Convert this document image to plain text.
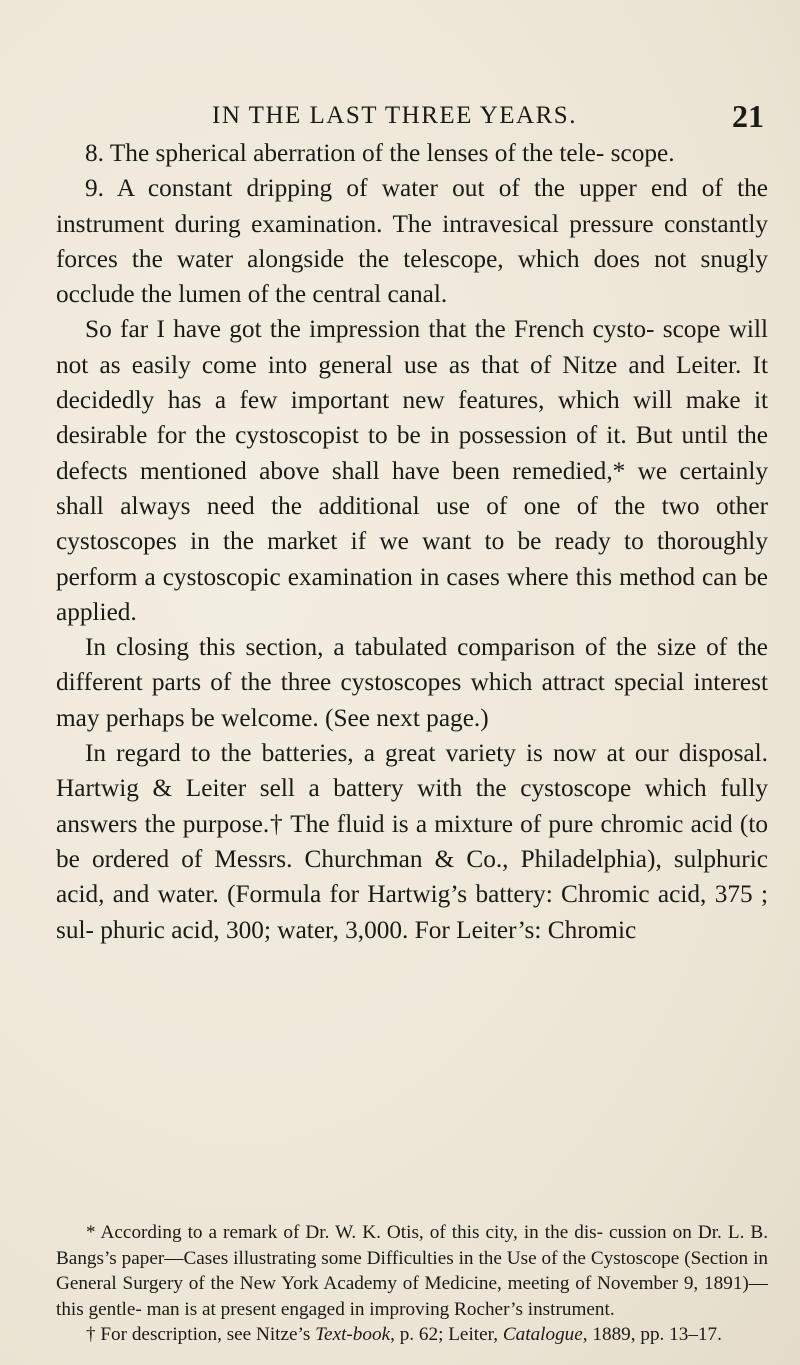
IN THE LAST THREE YEARS.	21

8. The spherical aberration of the lenses of the tele- scope.

9. A constant dripping of water out of the upper end of the instrument during examination. The intravesical pressure constantly forces the water alongside the telescope, which does not snugly occlude the lumen of the central canal.

So far I have got the impression that the French cysto- scope will not as easily come into general use as that of Nitze and Leiter. It decidedly has a few important new features, which will make it desirable for the cystoscopist to be in possession of it. But until the defects mentioned above shall have been remedied,* we certainly shall always need the additional use of one of the two other cystoscopes in the market if we want to be ready to thoroughly perform a cystoscopic examination in cases where this method can be applied.

In closing this section, a tabulated comparison of the size of the different parts of the three cystoscopes which attract special interest may perhaps be welcome. (See next page.)

In regard to the batteries, a great variety is now at our disposal. Hartwig & Leiter sell a battery with the cystoscope which fully answers the purpose.† The fluid is a mixture of pure chromic acid (to be ordered of Messrs. Churchman & Co., Philadelphia), sulphuric acid, and water. (Formula for Hartwig’s battery: Chromic acid, 375 ; sul- phuric acid, 300; water, 3,000. For Leiter’s: Chromic

* According to a remark of Dr. W. K. Otis, of this city, in the dis- cussion on Dr. L. B. Bangs’s paper—Cases illustrating some Difficulties in the Use of the Cystoscope (Section in General Surgery of the New York Academy of Medicine, meeting of November 9, 1891)—this gentle- man is at present engaged in improving Rocher’s instrument.

† For description, see Nitze’s Text-book, p. 62; Leiter, Catalogue, 1889, pp. 13–17.
